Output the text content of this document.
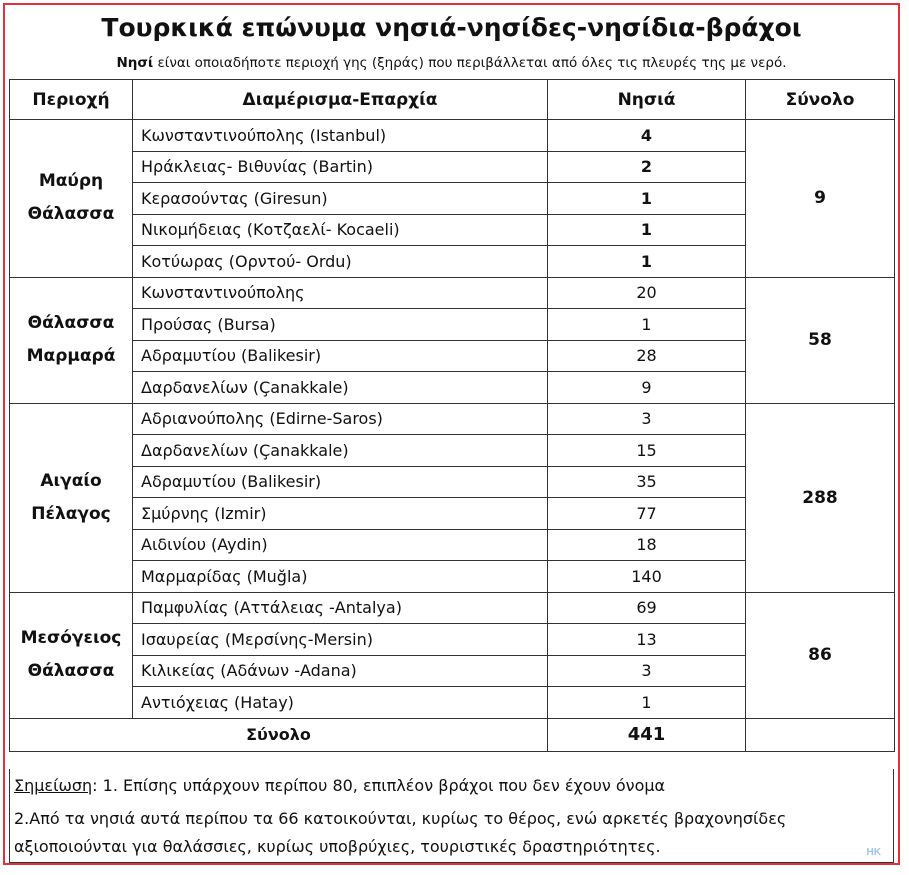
Τουρκικά επώνυμα νησιά-νησίδες-νησίδια-βράχοι
Νησί είναι οποιαδήποτε περιοχή γης (ξηράς) που περιβάλλεται από όλες τις πλευρές της με νερό.
Περιοχή	Διαμέρισμα-Επαρχία	Νησιά	Σύνολο
Μαύρη
Θάλασσα	Κωνσταντινούπολης (Istanbul)	4	9
	Ηράκλειας- Βιθυνίας (Bartin)	2	
	Κερασούντας (Giresun)	1	
	Νικομήδειας (Κοτζαελί- Kocaeli)	1	
	Κοτύωρας (Ορντού- Ordu)	1	
Θάλασσα
Μαρμαρά	Κωνσταντινούπολης	20	58
	Προύσας (Bursa)	1	
	Αδραμυτίου (Balikesir)	28	
	Δαρδανελίων (Çanakkale)	9	
Αιγαίο
Πέλαγος	Αδριανούπολης (Edirne-Saros)	3	288
	Δαρδανελίων (Çanakkale)	15	
	Αδραμυτίου (Balikesir)	35	
	Σμύρνης (Izmir)	77	
	Αιδινίου (Aydin)	18	
	Μαρμαρίδας (Muğla)	140	
Μεσόγειος
Θάλασσα	Παμφυλίας (Αττάλειας -Antalya)	69	86
	Ισαυρείας (Μερσίνης-Mersin)	13	
	Κιλικείας (Αδάνων -Adana)	3	
	Αντιόχειας (Hatay)	1	
Σύνολο		441	
Σημείωση: 1. Επίσης υπάρχουν περίπου 80, επιπλέον βράχοι που δεν έχουν όνομα
2.Από τα νησιά αυτά περίπου τα 66 κατοικούνται, κυρίως το θέρος, ενώ αρκετές βραχονησίδες
αξιοποιούνται για θαλάσσιες, κυρίως υποβρύχιες, τουριστικές δραστηριότητες.	HK
